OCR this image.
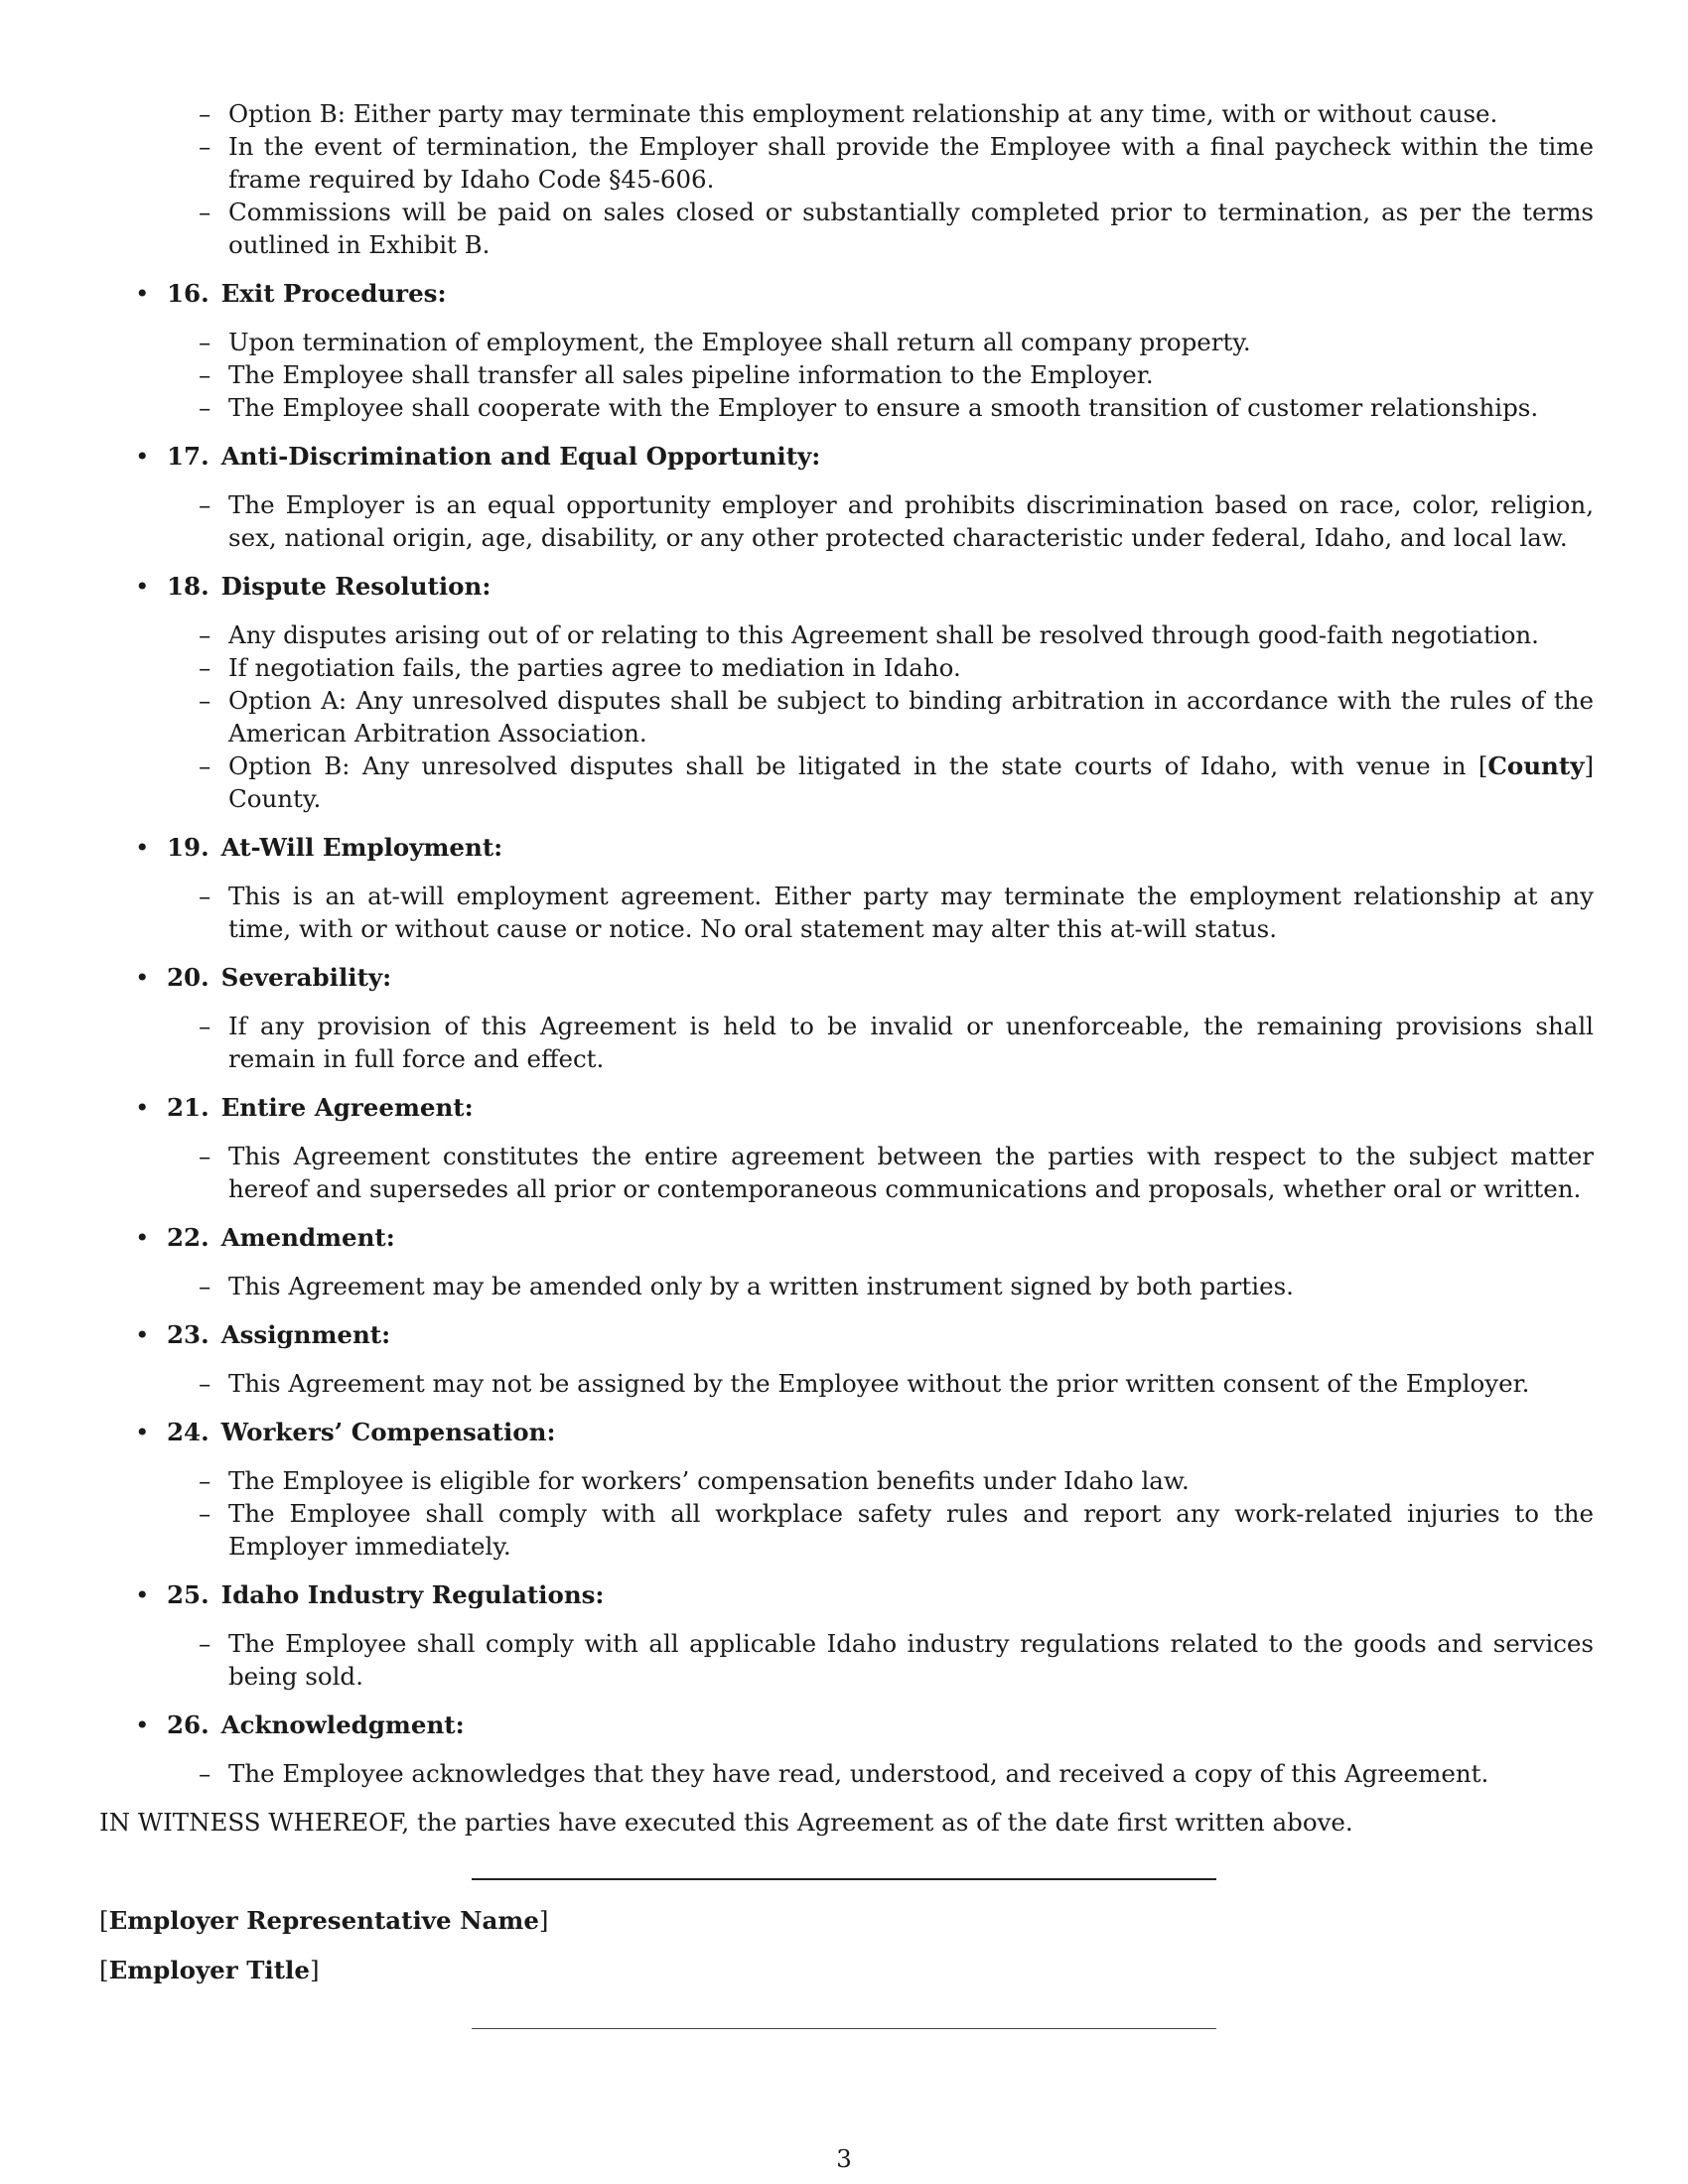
– Option B: Either party may terminate this employment relationship at any time, with or without cause.
– In the event of termination, the Employer shall provide the Employee with a final paycheck within the time frame required by Idaho Code §45-606.
– Commissions will be paid on sales closed or substantially completed prior to termination, as per the terms outlined in Exhibit B.
• 16. Exit Procedures:
– Upon termination of employment, the Employee shall return all company property.
– The Employee shall transfer all sales pipeline information to the Employer.
– The Employee shall cooperate with the Employer to ensure a smooth transition of customer relationships.
• 17. Anti-Discrimination and Equal Opportunity:
– The Employer is an equal opportunity employer and prohibits discrimination based on race, color, religion, sex, national origin, age, disability, or any other protected characteristic under federal, Idaho, and local law.
• 18. Dispute Resolution:
– Any disputes arising out of or relating to this Agreement shall be resolved through good-faith negotiation.
– If negotiation fails, the parties agree to mediation in Idaho.
– Option A: Any unresolved disputes shall be subject to binding arbitration in accordance with the rules of the American Arbitration Association.
– Option B: Any unresolved disputes shall be litigated in the state courts of Idaho, with venue in [County] County.
• 19. At-Will Employment:
– This is an at-will employment agreement. Either party may terminate the employment relationship at any time, with or without cause or notice. No oral statement may alter this at-will status.
• 20. Severability:
– If any provision of this Agreement is held to be invalid or unenforceable, the remaining provisions shall remain in full force and effect.
• 21. Entire Agreement:
– This Agreement constitutes the entire agreement between the parties with respect to the subject matter hereof and supersedes all prior or contemporaneous communications and proposals, whether oral or written.
• 22. Amendment:
– This Agreement may be amended only by a written instrument signed by both parties.
• 23. Assignment:
– This Agreement may not be assigned by the Employee without the prior written consent of the Employer.
• 24. Workers’ Compensation:
– The Employee is eligible for workers’ compensation benefits under Idaho law.
– The Employee shall comply with all workplace safety rules and report any work-related injuries to the Employer immediately.
• 25. Idaho Industry Regulations:
– The Employee shall comply with all applicable Idaho industry regulations related to the goods and services being sold.
• 26. Acknowledgment:
– The Employee acknowledges that they have read, understood, and received a copy of this Agreement.
IN WITNESS WHEREOF, the parties have executed this Agreement as of the date first written above.
[Employer Representative Name]
[Employer Title]
3
